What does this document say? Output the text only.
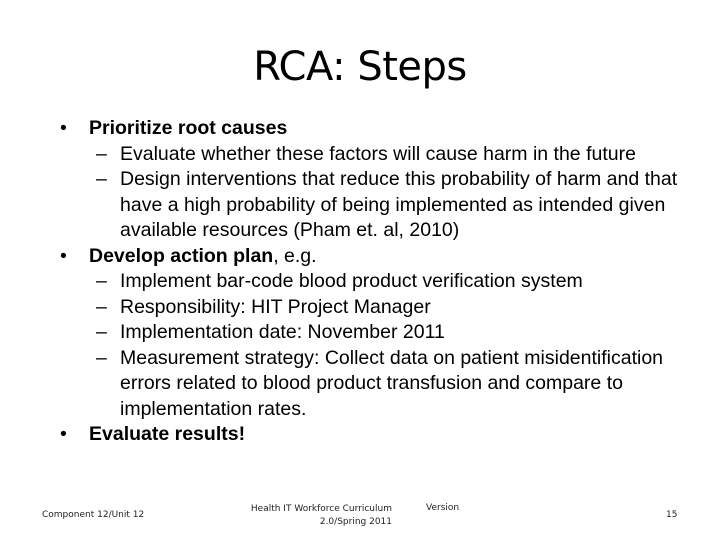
RCA: Steps
• Prioritize root causes
– Evaluate whether these factors will cause harm in the future
– Design interventions that reduce this probability of harm and that have a high probability of being implemented as intended given available resources (Pham et. al, 2010)
• Develop action plan, e.g.
– Implement bar-code blood product verification system
– Responsibility: HIT Project Manager
– Implementation date: November 2011
– Measurement strategy: Collect data on patient misidentification errors related to blood product transfusion and compare to implementation rates.
• Evaluate results!
Component 12/Unit 12
Health IT Workforce Curriculum
2.0/Spring 2011
Version
15
